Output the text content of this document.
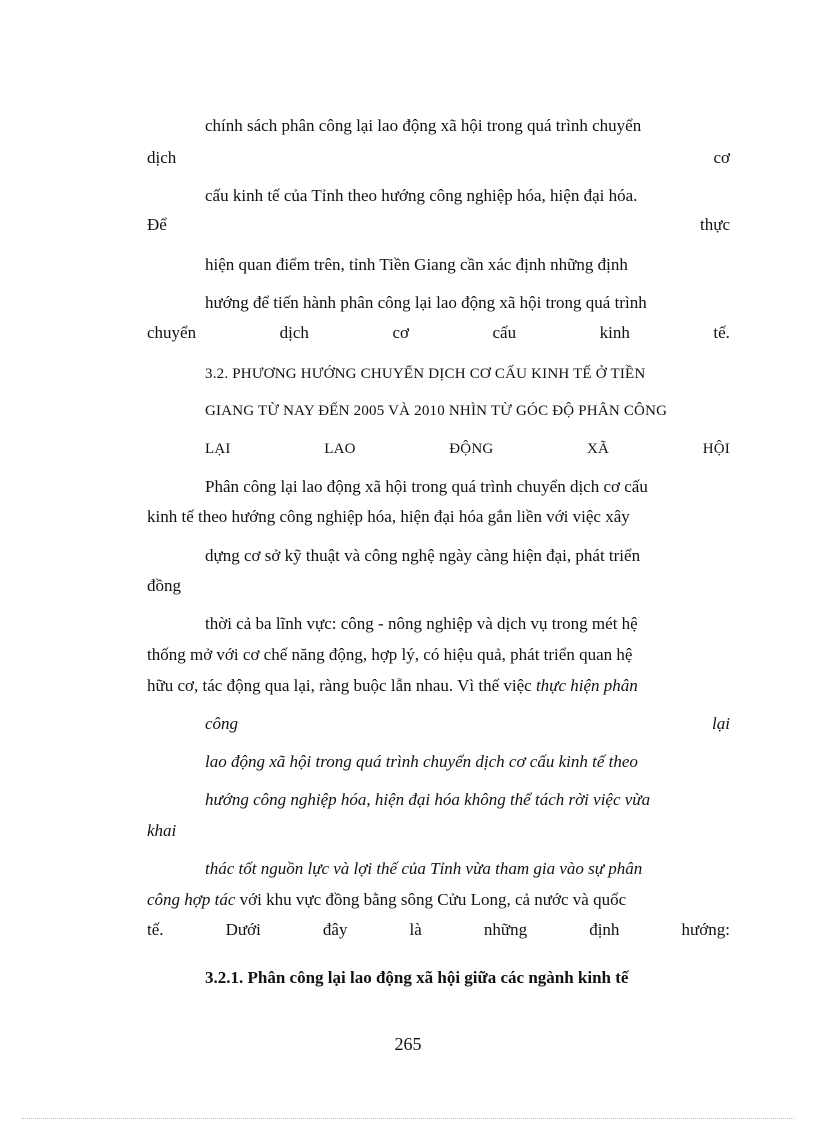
chính sách phân công lại lao động xã hội trong quá trình chuyển

dịch	cơ

cấu kinh tế của Tỉnh theo hướng công nghiệp hóa, hiện đại hóa.

Để	thực

hiện quan điểm trên, tỉnh Tiền Giang cần xác định những định

hướng để tiến hành phân công lại lao động xã hội trong quá trình

chuyển	dịch	cơ	cấu	kinh	tế.

3.2. PHƯƠNG HƯỚNG CHUYỂN DỊCH CƠ CẤU KINH TẾ Ở TIỀN

GIANG TỪ NAY ĐẾN 2005 VÀ 2010 NHÌN TỪ GÓC ĐỘ PHÂN CÔNG

LẠI	LAO	ĐỘNG	XÃ	HỘI

Phân công lại lao động xã hội trong quá trình chuyển dịch cơ cấu

kinh tế theo hướng công nghiệp hóa, hiện đại hóa gắn liền với việc xây

dựng cơ sở kỹ thuật và công nghệ ngày càng hiện đại, phát triển

đồng

thời cả ba lĩnh vực: công - nông nghiệp và dịch vụ trong mét hệ

thống mở với cơ chế năng động, hợp lý, có hiệu quả, phát triển quan hệ

hữu cơ, tác động qua lại, ràng buộc lẫn nhau. Vì thế việc thực hiện phân

công	lại

lao động xã hội trong quá trình chuyển dịch cơ cấu kinh tế theo

hướng công nghiệp hóa, hiện đại hóa không thể tách rời việc vừa

khai

thác tốt nguồn lực và lợi thế của Tỉnh vừa tham gia vào sự phân

công hợp tác với khu vực đồng bằng sông Cửu Long, cả nước và quốc

tế.	Dưới	đây	là	những	định	hướng:

3.2.1. Phân công lại lao động xã hội giữa các ngành kinh tế

265
